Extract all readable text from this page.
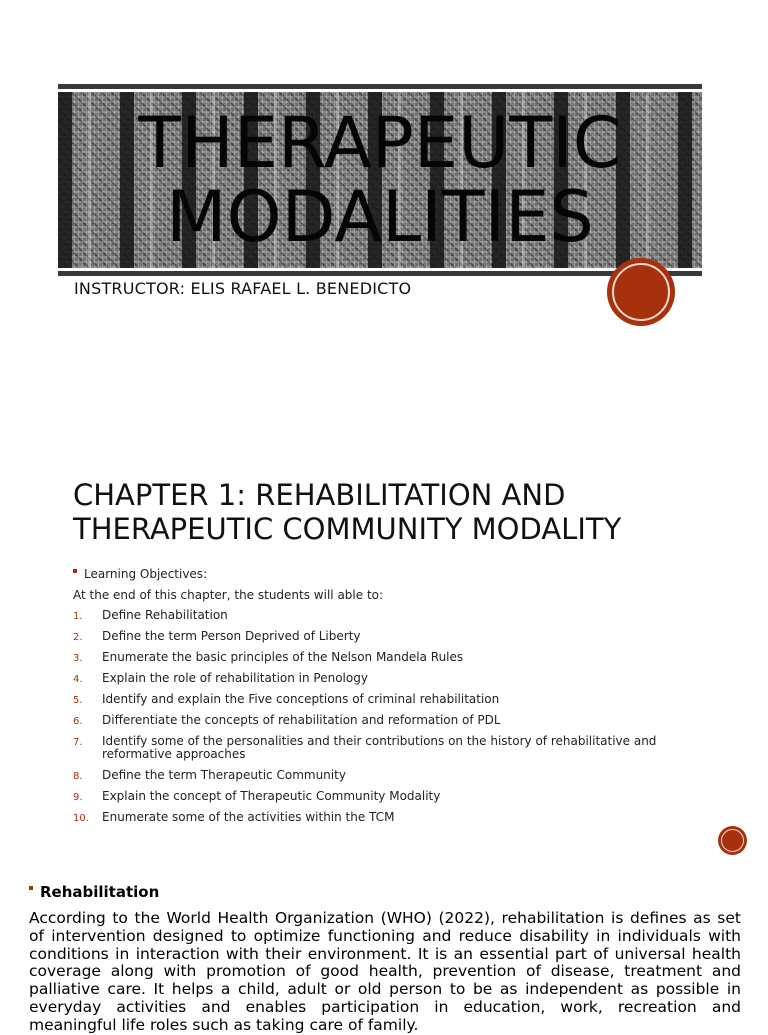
THERAPEUTIC
MODALITIES

INSTRUCTOR: ELIS RAFAEL L. BENEDICTO

CHAPTER 1: REHABILITATION AND
THERAPEUTIC COMMUNITY MODALITY

Learning Objectives:

At the end of this chapter, the students will able to:

1. Define Rehabilitation
2. Define the term Person Deprived of Liberty
3. Enumerate the basic principles of the Nelson Mandela Rules
4. Explain the role of rehabilitation in Penology
5. Identify and explain the Five conceptions of criminal rehabilitation
6. Differentiate the concepts of rehabilitation and reformation of PDL
7. Identify some of the personalities and their contributions on the history of rehabilitative and reformative approaches
8. Define the term Therapeutic Community
9. Explain the concept of Therapeutic Community Modality
10. Enumerate some of the activities within the TCM

Rehabilitation

According to the World Health Organization (WHO) (2022), rehabilitation is defines as set of intervention designed to optimize functioning and reduce disability in individuals with conditions in interaction with their environment. It is an essential part of universal health coverage along with promotion of good health, prevention of disease, treatment and palliative care. It helps a child, adult or old person to be as independent as possible in everyday activities and enables participation in education, work, recreation and meaningful life roles such as taking care of family.
